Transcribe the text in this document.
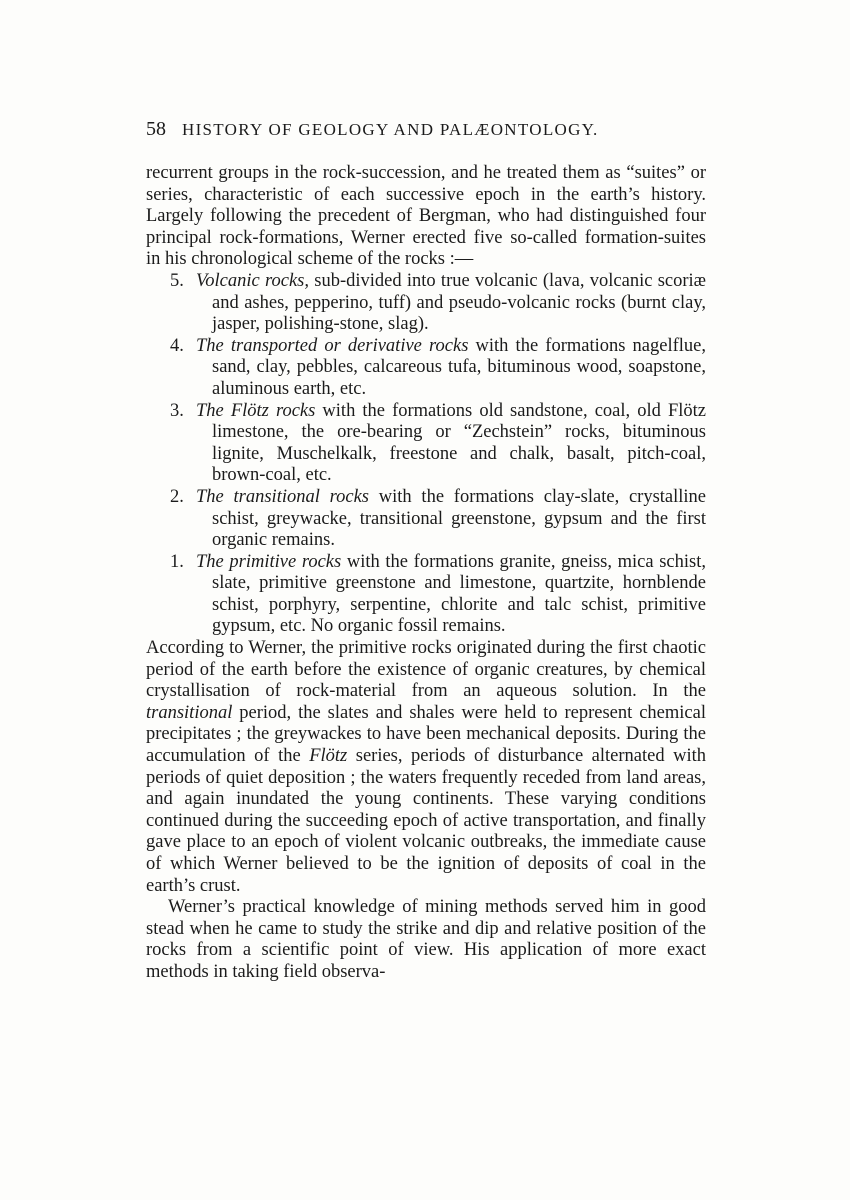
58 HISTORY OF GEOLOGY AND PALÆONTOLOGY.

recurrent groups in the rock-succession, and he treated them as “suites” or series, characteristic of each successive epoch in the earth’s history. Largely following the precedent of Bergman, who had distinguished four principal rock-formations, Werner erected five so-called formation-suites in his chronological scheme of the rocks :—

5. Volcanic rocks, sub-divided into true volcanic (lava, volcanic scoriæ and ashes, pepperino, tuff) and pseudo-volcanic rocks (burnt clay, jasper, polishing-stone, slag).
4. The transported or derivative rocks with the formations nagelflue, sand, clay, pebbles, calcareous tufa, bituminous wood, soapstone, aluminous earth, etc.
3. The Flötz rocks with the formations old sandstone, coal, old Flötz limestone, the ore-bearing or “Zechstein” rocks, bituminous lignite, Muschelkalk, freestone and chalk, basalt, pitch-coal, brown-coal, etc.
2. The transitional rocks with the formations clay-slate, crystalline schist, greywacke, transitional greenstone, gypsum and the first organic remains.
1. The primitive rocks with the formations granite, gneiss, mica schist, slate, primitive greenstone and limestone, quartzite, hornblende schist, porphyry, serpentine, chlorite and talc schist, primitive gypsum, etc. No organic fossil remains.

According to Werner, the primitive rocks originated during the first chaotic period of the earth before the existence of organic creatures, by chemical crystallisation of rock-material from an aqueous solution. In the transitional period, the slates and shales were held to represent chemical precipitates ; the greywackes to have been mechanical deposits. During the accumulation of the Flötz series, periods of disturbance alternated with periods of quiet deposition ; the waters frequently receded from land areas, and again inundated the young continents. These varying conditions continued during the succeeding epoch of active transportation, and finally gave place to an epoch of violent volcanic outbreaks, the immediate cause of which Werner believed to be the ignition of deposits of coal in the earth’s crust.

Werner’s practical knowledge of mining methods served him in good stead when he came to study the strike and dip and relative position of the rocks from a scientific point of view. His application of more exact methods in taking field observa-
